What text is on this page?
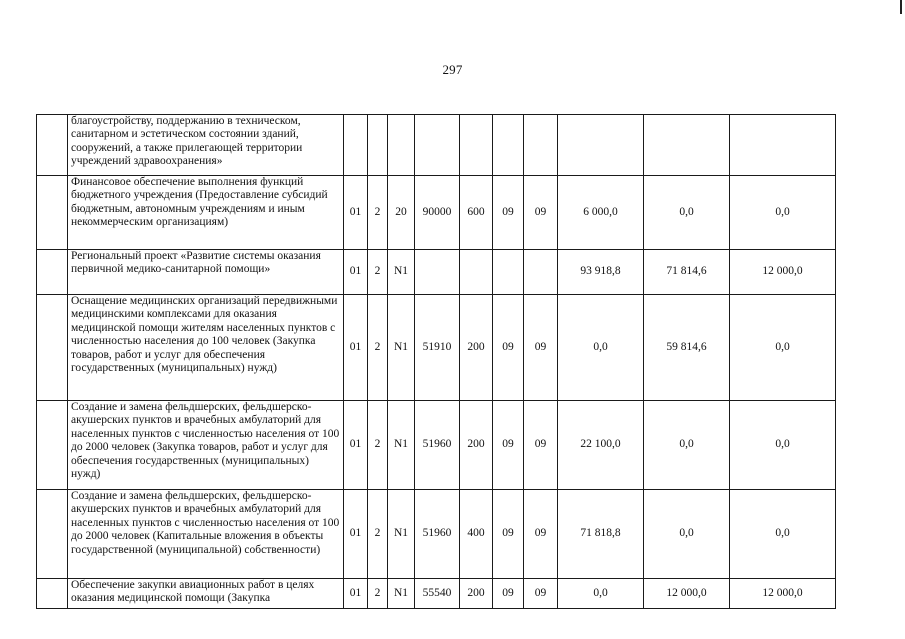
297
	благоустройству, поддержанию в техническом, санитарном и эстетическом состоянии зданий, сооружений, а также прилегающей территории учреждений здравоохранения»										
	Финансовое обеспечение выполнения функций бюджетного учреждения (Предоставление субсидий бюджетным, автономным учреждениям и иным некоммерческим организациям)	01	2	20	90000	600	09	09	6 000,0	0,0	0,0
	Региональный проект «Развитие системы оказания первичной медико-санитарной помощи»	01	2	N1					93 918,8	71 814,6	12 000,0
	Оснащение медицинских организаций передвижными медицинскими комплексами для оказания медицинской помощи жителям населенных пунктов с численностью населения до 100 человек (Закупка товаров, работ и услуг для обеспечения государственных (муниципальных) нужд)	01	2	N1	51910	200	09	09	0,0	59 814,6	0,0
	Создание и замена фельдшерских, фельдшерско-акушерских пунктов и врачебных амбулаторий для населенных пунктов с численностью населения от 100 до 2000 человек (Закупка товаров, работ и услуг для обеспечения государственных (муниципальных) нужд)	01	2	N1	51960	200	09	09	22 100,0	0,0	0,0
	Создание и замена фельдшерских, фельдшерско-акушерских пунктов и врачебных амбулаторий для населенных пунктов с численностью населения от 100 до 2000 человек (Капитальные вложения в объекты государственной (муниципальной) собственности)	01	2	N1	51960	400	09	09	71 818,8	0,0	0,0
	Обеспечение закупки авиационных работ в целях оказания медицинской помощи (Закупка	01	2	N1	55540	200	09	09	0,0	12 000,0	12 000,0
